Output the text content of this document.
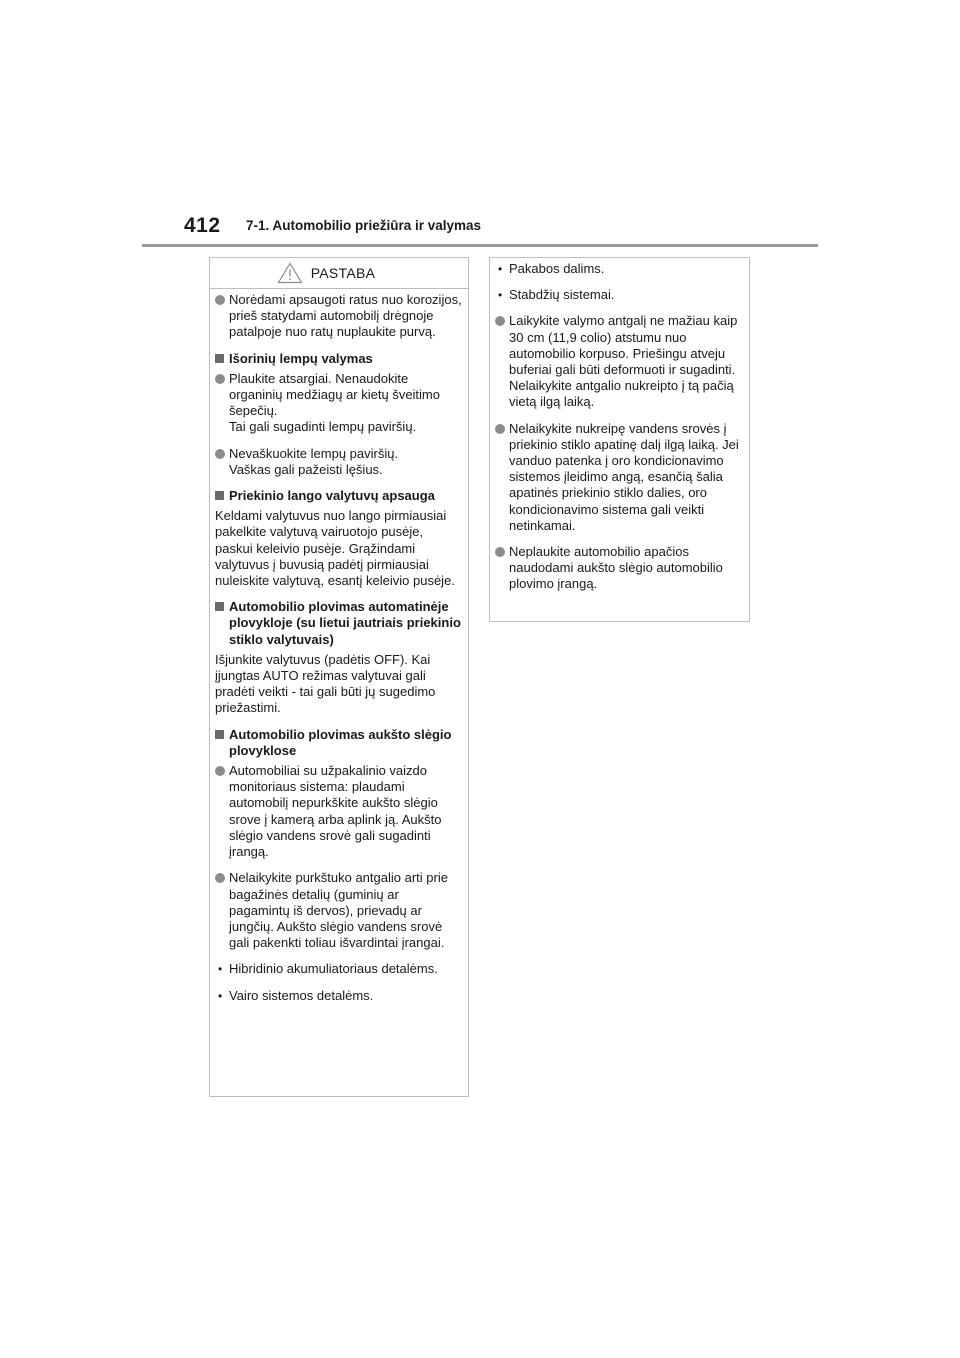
412 7-1. Automobilio priežiūra ir valymas
PASTABA
Norėdami apsaugoti ratus nuo korozijos, prieš statydami automobilį drėgnoje patalpoje nuo ratų nuplaukite purvą.
Išorinių lempų valymas
Plaukite atsargiai. Nenaudokite organinių medžiagų ar kietų šveitimo šepečių.
Tai gali sugadinti lempų paviršių.
Nevaškuokite lempų paviršių.
Vaškas gali pažeisti lęšius.
Priekinio lango valytuvų apsauga
Keldami valytuvus nuo lango pirmiausiai pakelkite valytuvą vairuotojo pusėje, paskui keleivio pusėje. Grąžindami valytuvus į buvusią padėtį pirmiausiai nuleiskite valytuvą, esantį keleivio pusėje.
Automobilio plovimas automatinėje plovykloje (su lietui jautriais priekinio stiklo valytuvais)
Išjunkite valytuvus (padėtis OFF). Kai įjungtas AUTO režimas valytuvai gali pradėti veikti - tai gali būti jų sugedimo priežastimi.
Automobilio plovimas aukšto slėgio plovyklose
Automobiliai su užpakalinio vaizdo monitoriaus sistema: plaudami automobilį nepurkškite aukšto slėgio srove į kamerą arba aplink ją. Aukšto slėgio vandens srovė gali sugadinti įrangą.
Nelaikykite purkštuko antgalio arti prie bagažinės detalių (guminių ar pagamintų iš dervos), prievadų ar jungčių. Aukšto slėgio vandens srovė gali pakenkti toliau išvardintai įrangai.
• Hibridinio akumuliatoriaus detalėms.
• Vairo sistemos detalėms.
• Pakabos dalims.
• Stabdžių sistemai.
Laikykite valymo antgalį ne mažiau kaip 30 cm (11,9 colio) atstumu nuo automobilio korpuso. Priešingu atveju buferiai gali būti deformuoti ir sugadinti. Nelaikykite antgalio nukreipto į tą pačią vietą ilgą laiką.
Nelaikykite nukreipę vandens srovės į priekinio stiklo apatinę dalį ilgą laiką. Jei vanduo patenka į oro kondicionavimo sistemos įleidimo angą, esančią šalia apatinės priekinio stiklo dalies, oro kondicionavimo sistema gali veikti netinkamai.
Neplaukite automobilio apačios naudodami aukšto slėgio automobilio plovimo įrangą.
